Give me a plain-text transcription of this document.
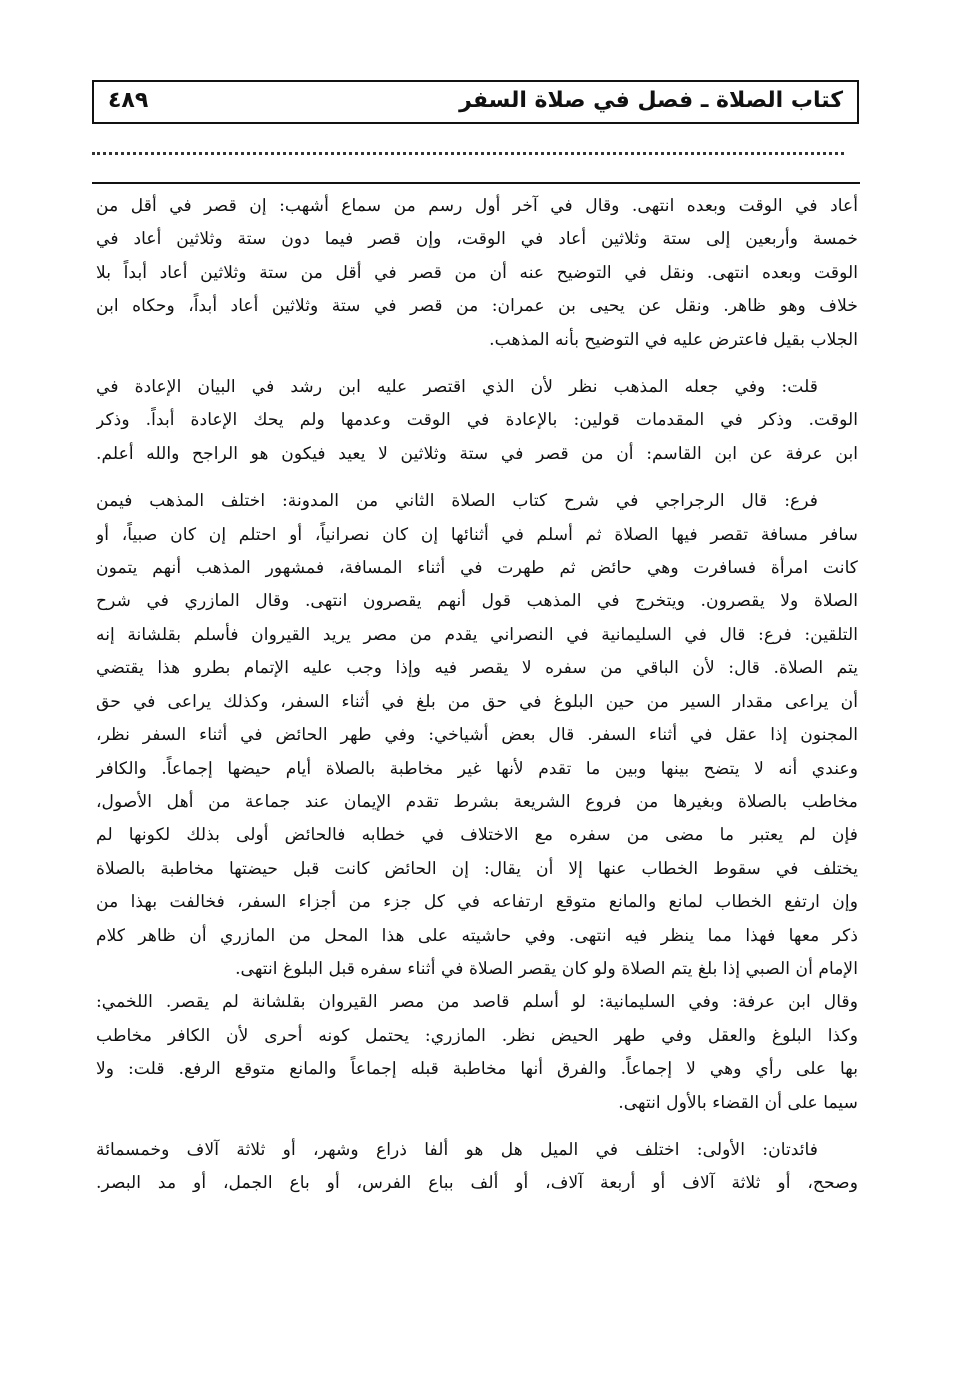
كتاب الصلاة ـ فصل في صلاة السفر
٤٨٩
أعاد في الوقت وبعده انتهى. وقال في آخر أول رسم من سماع أشهب: إن قصر في أقل من
خمسة وأربعين إلى ستة وثلاثين أعاد في الوقت، وإن قصر فيما دون ستة وثلاثين أعاد في
الوقت وبعده انتهى. ونقل في التوضيح عنه أن من قصر في أقل من ستة وثلاثين أعاد أبداً بلا
خلاف وهو ظاهر. ونقل عن يحيى بن عمران: من قصر في ستة وثلاثين أعاد أبداً، وحكاه ابن
الجلاب بقيل فاعترض عليه في التوضيح بأنه المذهب.
قلت: وفي جعله المذهب نظر لأن الذي اقتصر عليه ابن رشد في البيان الإعادة في
الوقت. وذكر في المقدمات قولين: بالإعادة في الوقت وعدمها ولم يحك الإعادة أبداً. وذكر
ابن عرفة عن ابن القاسم: أن من قصر في ستة وثلاثين لا يعيد فيكون هو الراجح والله أعلم.
فرع: قال الرجراجي في شرح كتاب الصلاة الثاني من المدونة: اختلف المذهب فيمن
سافر مسافة تقصر فيها الصلاة ثم أسلم في أثنائها إن كان نصرانياً، أو احتلم إن كان صبياً، أو
كانت امرأة فسافرت وهي حائض ثم طهرت في أثناء المسافة، فمشهور المذهب أنهم يتمون
الصلاة ولا يقصرون. ويتخرج في المذهب قول أنهم يقصرون انتهى. وقال المازري في شرح
التلقين: فرع: قال في السليمانية في النصراني يقدم من مصر يريد القيروان فأسلم بقلشانة إنه
يتم الصلاة. قال: لأن الباقي من سفره لا يقصر فيه وإذا وجب عليه الإتمام بطرو هذا يقتضي
أن يراعى مقدار السير من حين البلوغ في حق من بلغ في أثناء السفر، وكذلك يراعى في حق
المجنون إذا عقل في أثناء السفر. قال بعض أشياخي: وفي طهر الحائض في أثناء السفر نظر،
وعندي أنه لا يتضح بينها وبين ما تقدم لأنها غير مخاطبة بالصلاة أيام حيضها إجماعاً. والكافر
مخاطب بالصلاة وبغيرها من فروع الشريعة بشرط تقدم الإيمان عند جماعة من أهل الأصول،
فإن لم يعتبر ما مضى من سفره مع الاختلاف في خطابه فالحائض أولى بذلك لكونها لم
يختلف في سقوط الخطاب عنها إلا أن يقال: إن الحائض كانت قبل حيضتها مخاطبة بالصلاة
وإن ارتفع الخطاب لمانع والمانع متوقع ارتفاعه في كل جزء من أجزاء السفر، فخالفت بهذا من
ذكر معها فهذا مما ينظر فيه انتهى. وفي حاشيته على هذا المحل من المازري أن ظاهر كلام
الإمام أن الصبي إذا بلغ يتم الصلاة ولو كان يقصر الصلاة في أثناء سفره قبل البلوغ انتهى.
وقال ابن عرفة: وفي السليمانية: لو أسلم قاصد من مصر القيروان بقلشانة لم يقصر. اللخمي:
وكذا البلوغ والعقل وفي طهر الحيض نظر. المازري: يحتمل كونه أحرى لأن الكافر مخاطب
بها على رأي وهي لا إجماعاً. والفرق أنها مخاطبة قبله إجماعاً والمانع متوقع الرفع. قلت: ولا
سيما على أن القضاء بالأول انتهى.
فائدتان: الأولى: اختلف في الميل هل هو ألفا ذراع وشهر، أو ثلاثة آلاف وخمسمائة
وصحح، أو ثلاثة آلاف أو أربعة آلاف، أو ألف بباع الفرس، أو باع الجمل، أو مد البصر.
